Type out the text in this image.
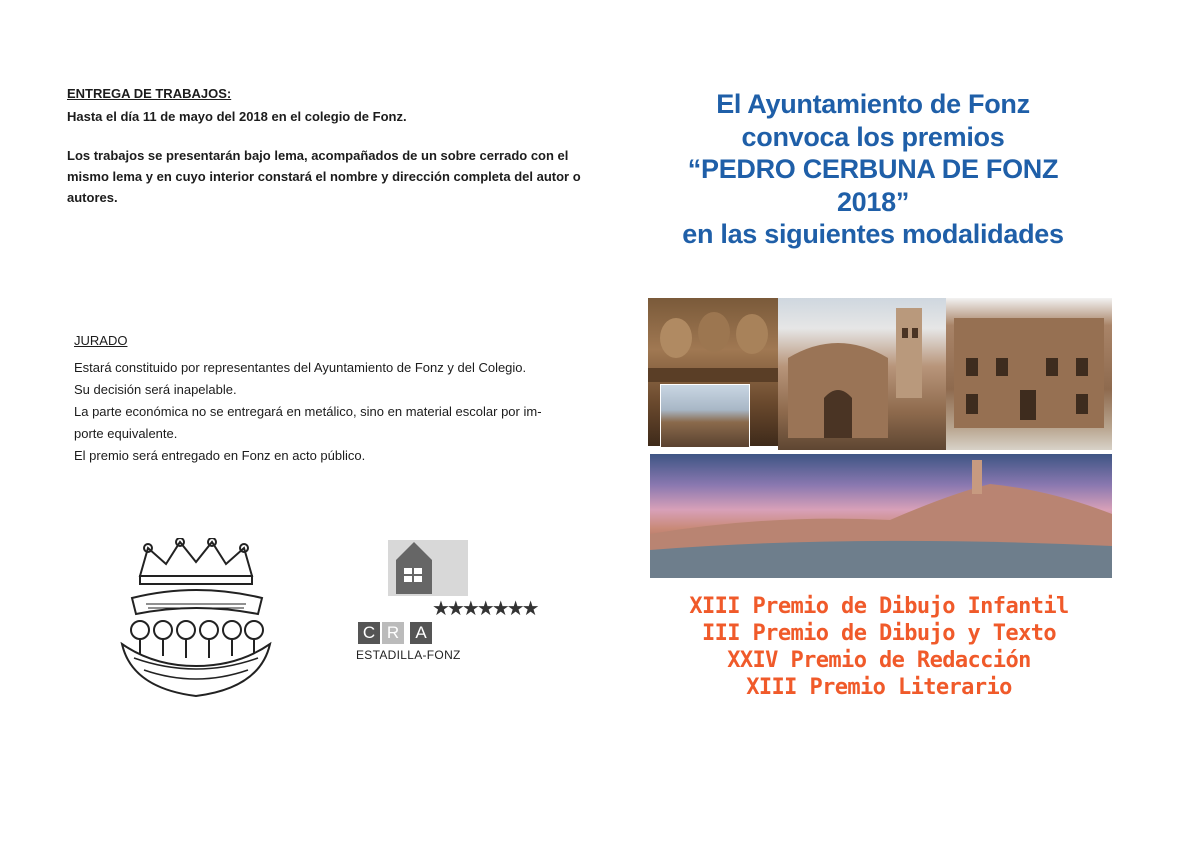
ENTREGA DE TRABAJOS:
Hasta el día 11 de mayo del 2018 en el colegio de Fonz.
Los trabajos se presentarán bajo lema, acompañados de un sobre cerrado con el mismo lema y en cuyo interior constará el nombre y dirección completa del autor o autores.
JURADO
Estará constituido por representantes del Ayuntamiento de Fonz y del Colegio.
Su decisión será inapelable.
La parte económica no se entregará en metálico, sino en material escolar por im-
porte equivalente.
El premio será entregado en Fonz en acto público.
★★★★★★★
C R A
ESTADILLA-FONZ
El Ayuntamiento de Fonz
convoca los premios
“PEDRO CERBUNA DE FONZ
2018”
en las siguientes modalidades
XIII Premio de Dibujo Infantil
III Premio de Dibujo y Texto
XXIV Premio de Redacción
XIII Premio Literario
